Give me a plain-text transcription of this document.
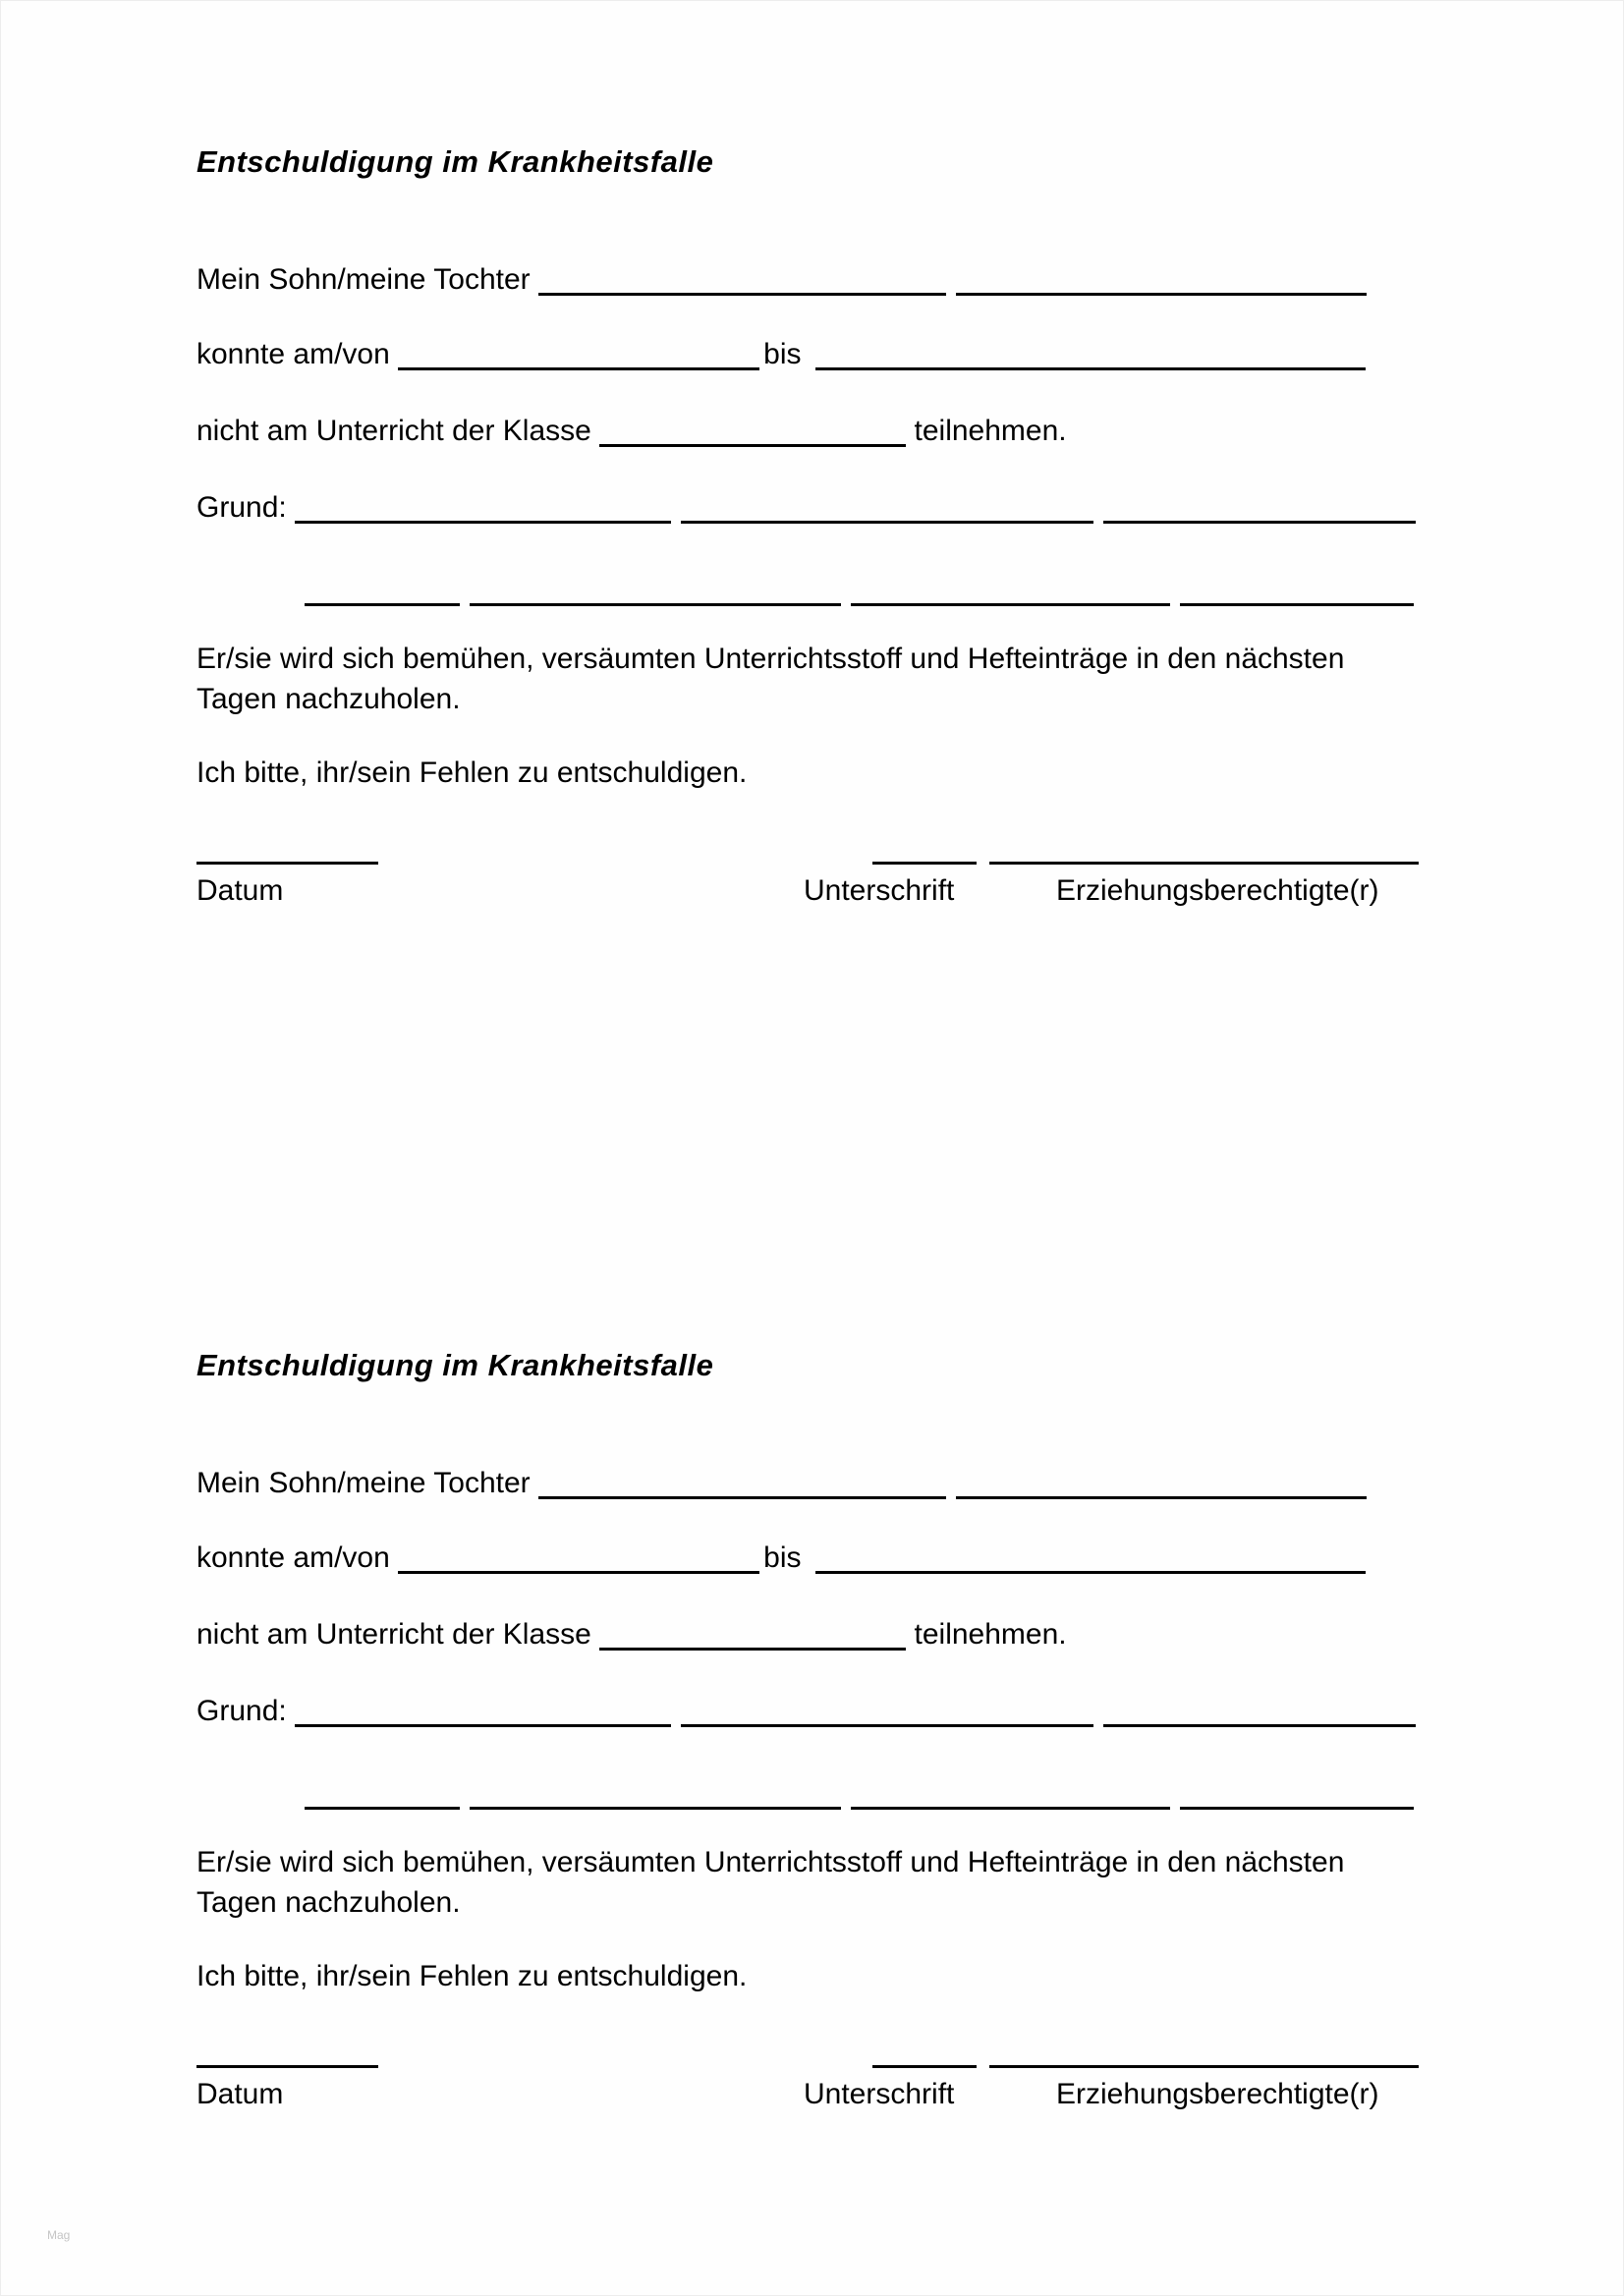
Entschuldigung im Krankheitsfalle
Mein Sohn/meine Tochter
konnte am/von	bis
nicht am Unterricht der Klasse	teilnehmen.
Grund:
Er/sie wird sich bemühen, versäumten Unterrichtsstoff und Hefteinträge in den nächsten Tagen nachzuholen.
Ich bitte, ihr/sein Fehlen zu entschuldigen.
Datum	Unterschrift	Erziehungsberechtigte(r)
Entschuldigung im Krankheitsfalle
Mein Sohn/meine Tochter
konnte am/von	bis
nicht am Unterricht der Klasse	teilnehmen.
Grund:
Er/sie wird sich bemühen, versäumten Unterrichtsstoff und Hefteinträge in den nächsten Tagen nachzuholen.
Ich bitte, ihr/sein Fehlen zu entschuldigen.
Datum	Unterschrift	Erziehungsberechtigte(r)
Mag
